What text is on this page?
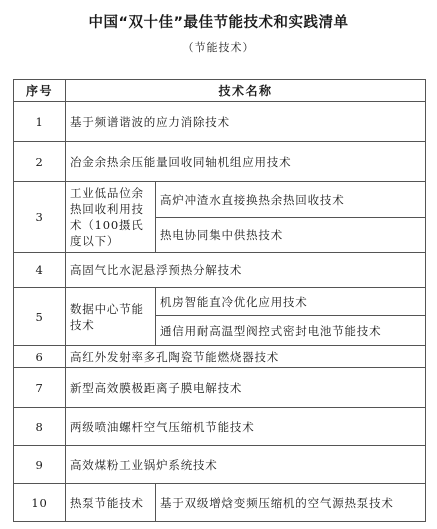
中国“双十佳”最佳节能技术和实践清单
（节能技术）
序号	技术名称	
1	基于频谱谐波的应力消除技术	
2	冶金余热余压能量回收同轴机组应用技术	
3	工业低品位余热回收利用技术（100摄氏度以下）	高炉冲渣水直接换热余热回收技术
		热电协同集中供热技术
4	高固气比水泥悬浮预热分解技术	
5	数据中心节能技术	机房智能直冷优化应用技术
		通信用耐高温型阀控式密封电池节能技术
6	高红外发射率多孔陶瓷节能燃烧器技术	
7	新型高效膜极距离子膜电解技术	
8	两级喷油螺杆空气压缩机节能技术	
9	高效煤粉工业锅炉系统技术	
10	热泵节能技术	基于双级增焓变频压缩机的空气源热泵技术
